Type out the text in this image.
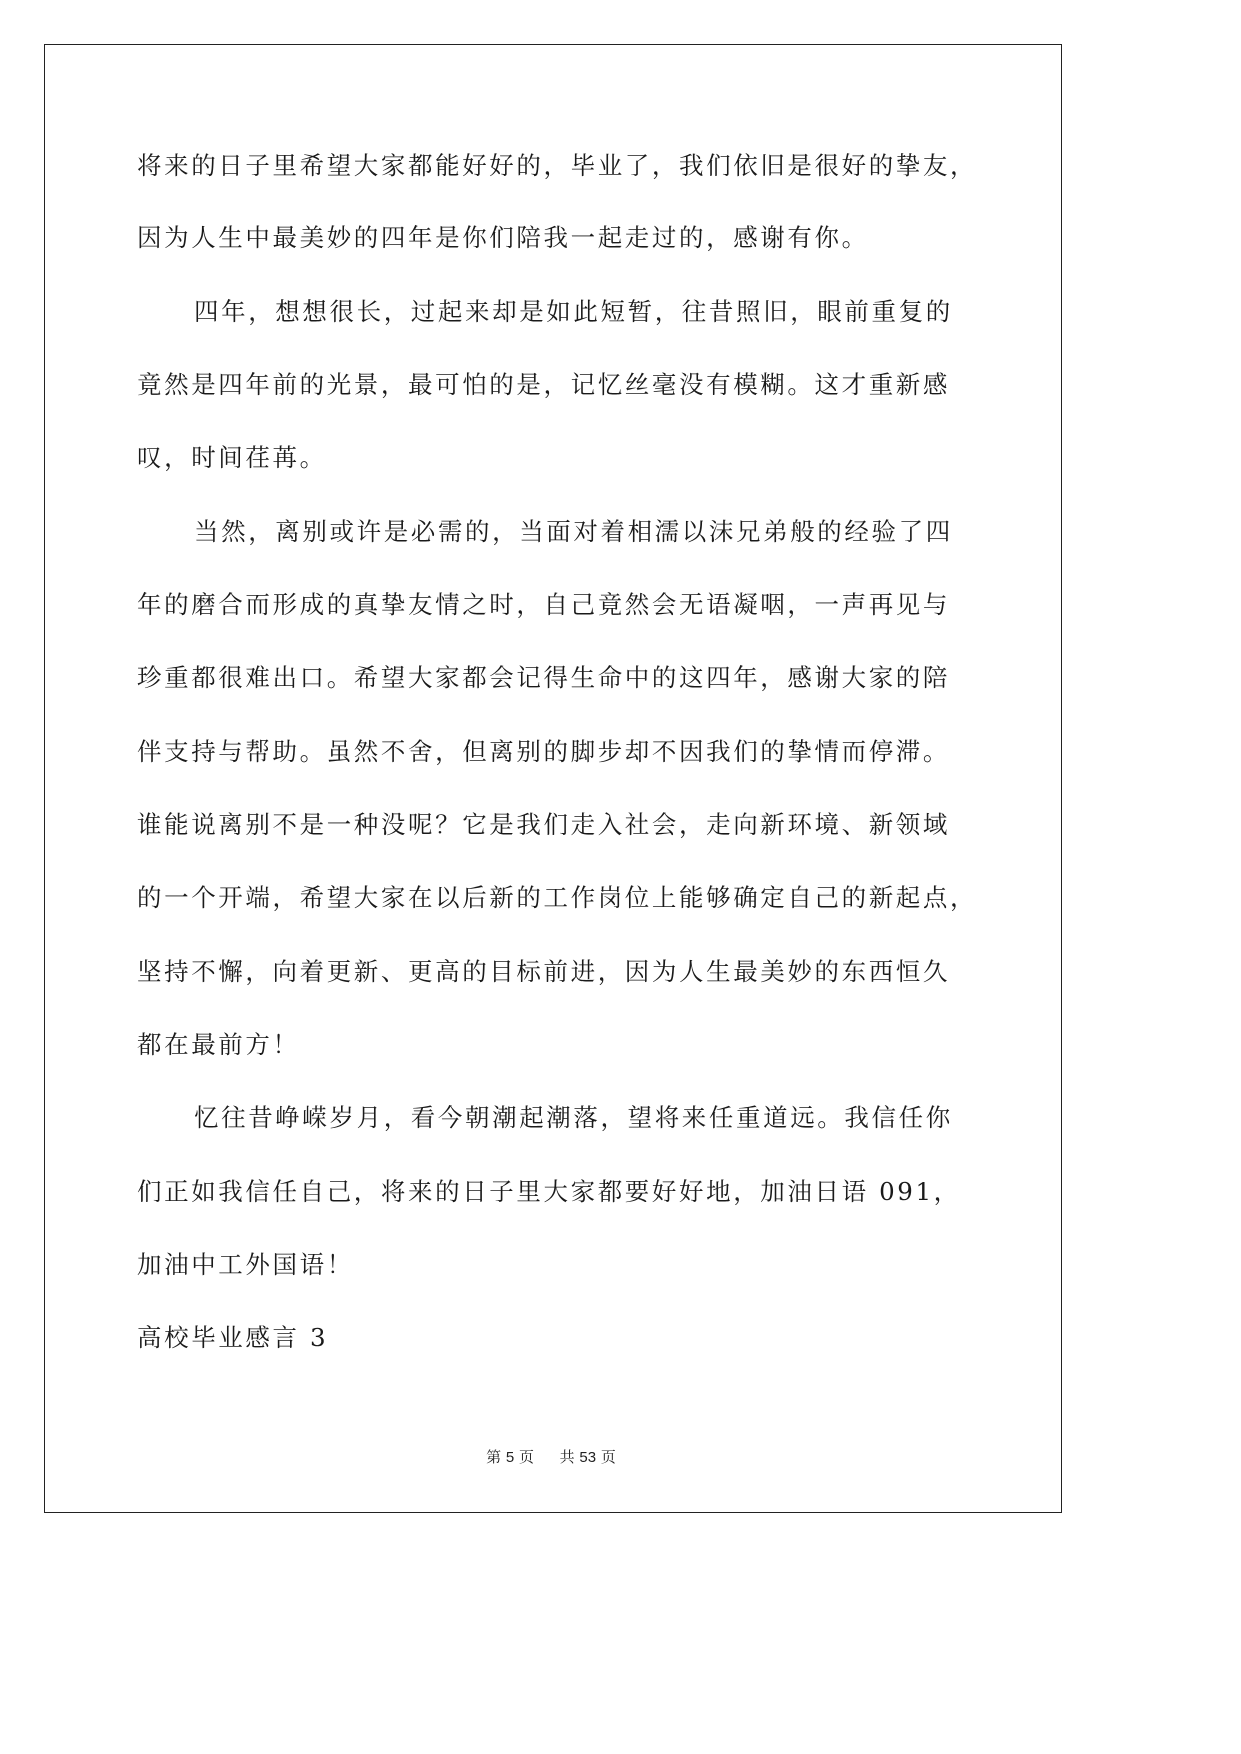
将来的日子里希望大家都能好好的，毕业了，我们依旧是很好的挚友，
因为人生中最美妙的四年是你们陪我一起走过的，感谢有你。
四年，想想很长，过起来却是如此短暂，往昔照旧，眼前重复的
竟然是四年前的光景，最可怕的是，记忆丝毫没有模糊。这才重新感
叹，时间荏苒。
当然，离别或许是必需的，当面对着相濡以沫兄弟般的经验了四
年的磨合而形成的真挚友情之时，自己竟然会无语凝咽，一声再见与
珍重都很难出口。希望大家都会记得生命中的这四年，感谢大家的陪
伴支持与帮助。虽然不舍，但离别的脚步却不因我们的挚情而停滞。
谁能说离别不是一种没呢？它是我们走入社会，走向新环境、新领域
的一个开端，希望大家在以后新的工作岗位上能够确定自己的新起点，
坚持不懈，向着更新、更高的目标前进，因为人生最美妙的东西恒久
都在最前方！
忆往昔峥嵘岁月，看今朝潮起潮落，望将来任重道远。我信任你
们正如我信任自己，将来的日子里大家都要好好地，加油日语 091，
加油中工外国语！
高校毕业感言 3
第 5 页 共 53 页
